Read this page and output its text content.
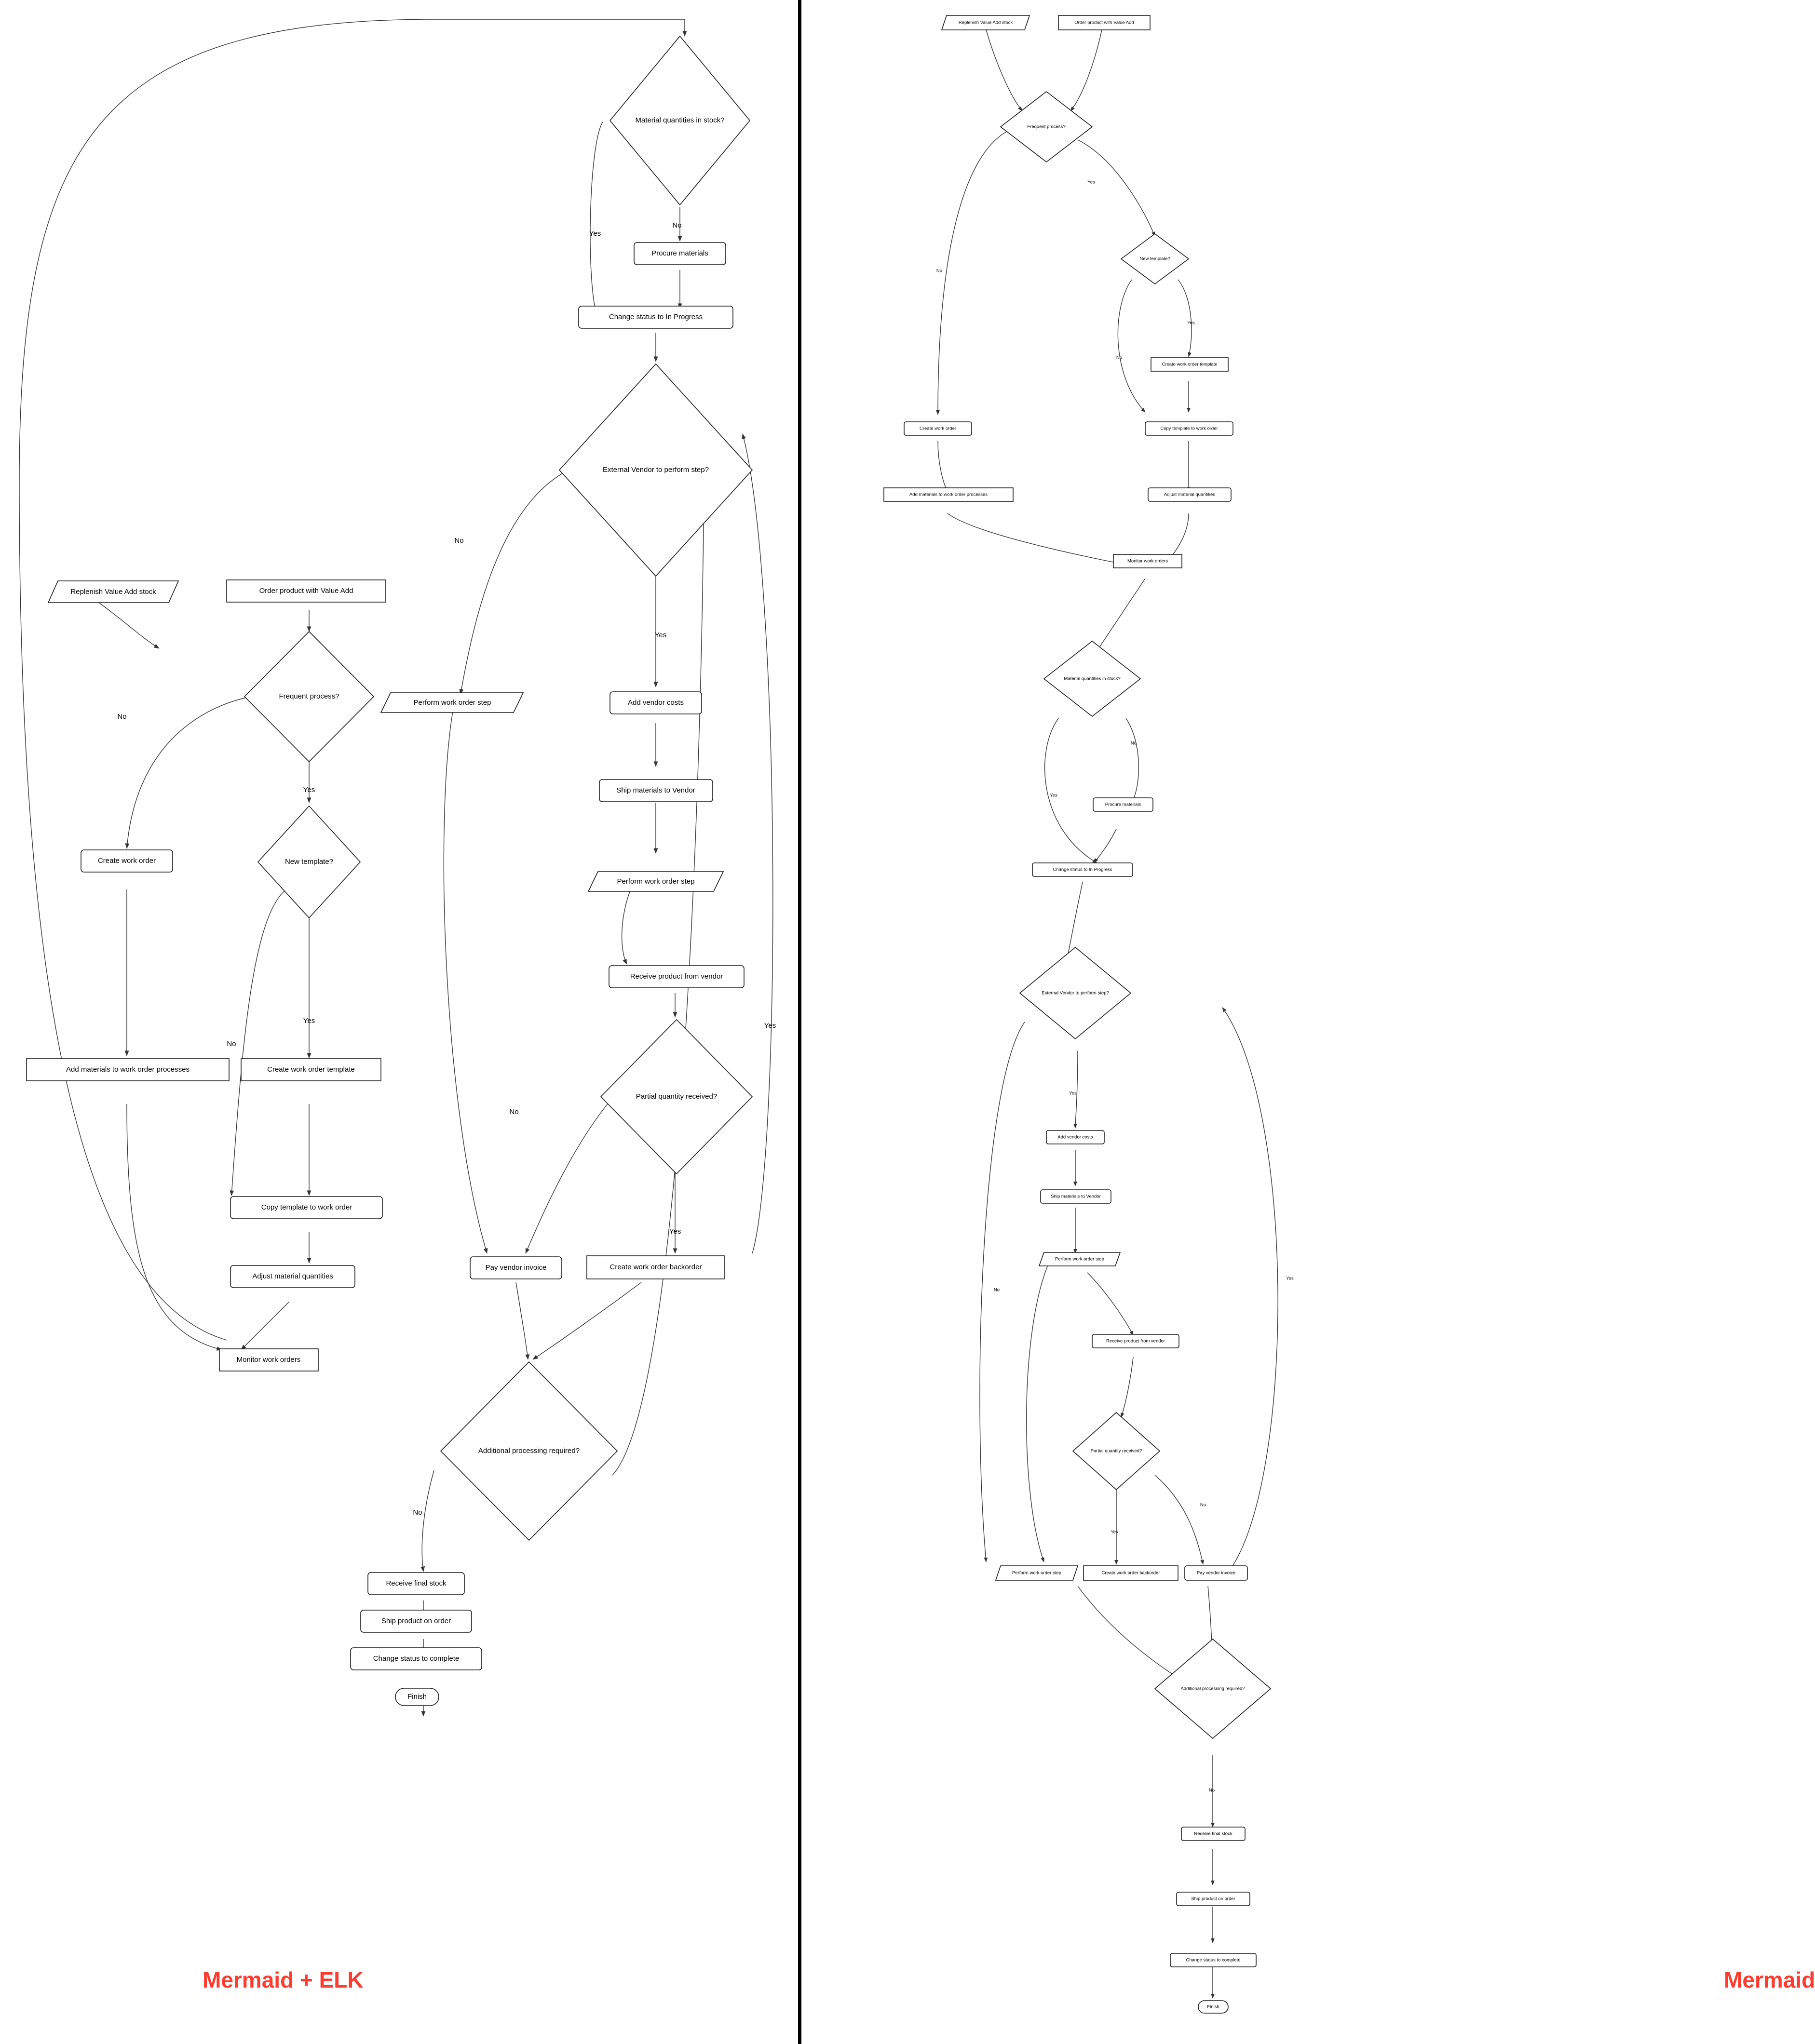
Yes
No
No
Yes
No
Yes
Yes
No
No
Yes
Yes
No
Replenish Value Add stock	Order product with Value Add
Frequent process?
Create work order	New template?
Add materials to work order processes	Create work order template
Copy template to work order
Adjust material quantities
Monitor work orders
Material quantities in stock?
Procure materials
Change status to In Progress
External Vendor to perform step?
Perform work order step	Add vendor costs
Ship materials to Vendor
Perform work order step
Receive product from vendor
Partial quantity received?
Pay vendor invoice	Create work order backorder
Additional processing required?
Receive final stock
Ship product on order
Change status to complete
Finish
Mermaid + ELK
Yes
No
Yes
No
No
Yes
Yes
No
Yes
No
Yes
No
Replenish Value Add stock	Order product with Value Add
Frequent process?
New template?
Create work order template
Create work order	Copy template to work order
Add materials to work order processes	Adjust material quantities
Monitor work orders
Material quantities in stock?
Procure materials
Change status to In Progress
External Vendor to perform step?
Add vendor costs
Ship materials to Vendor
Perform work order step
Receive product from vendor
Partial quantity received?
Perform work order step	Create work order backorder	Pay vendor invoice
Additional processing required?
Receive final stock
Ship product on order
Change status to complete
Finish
Mermaid
